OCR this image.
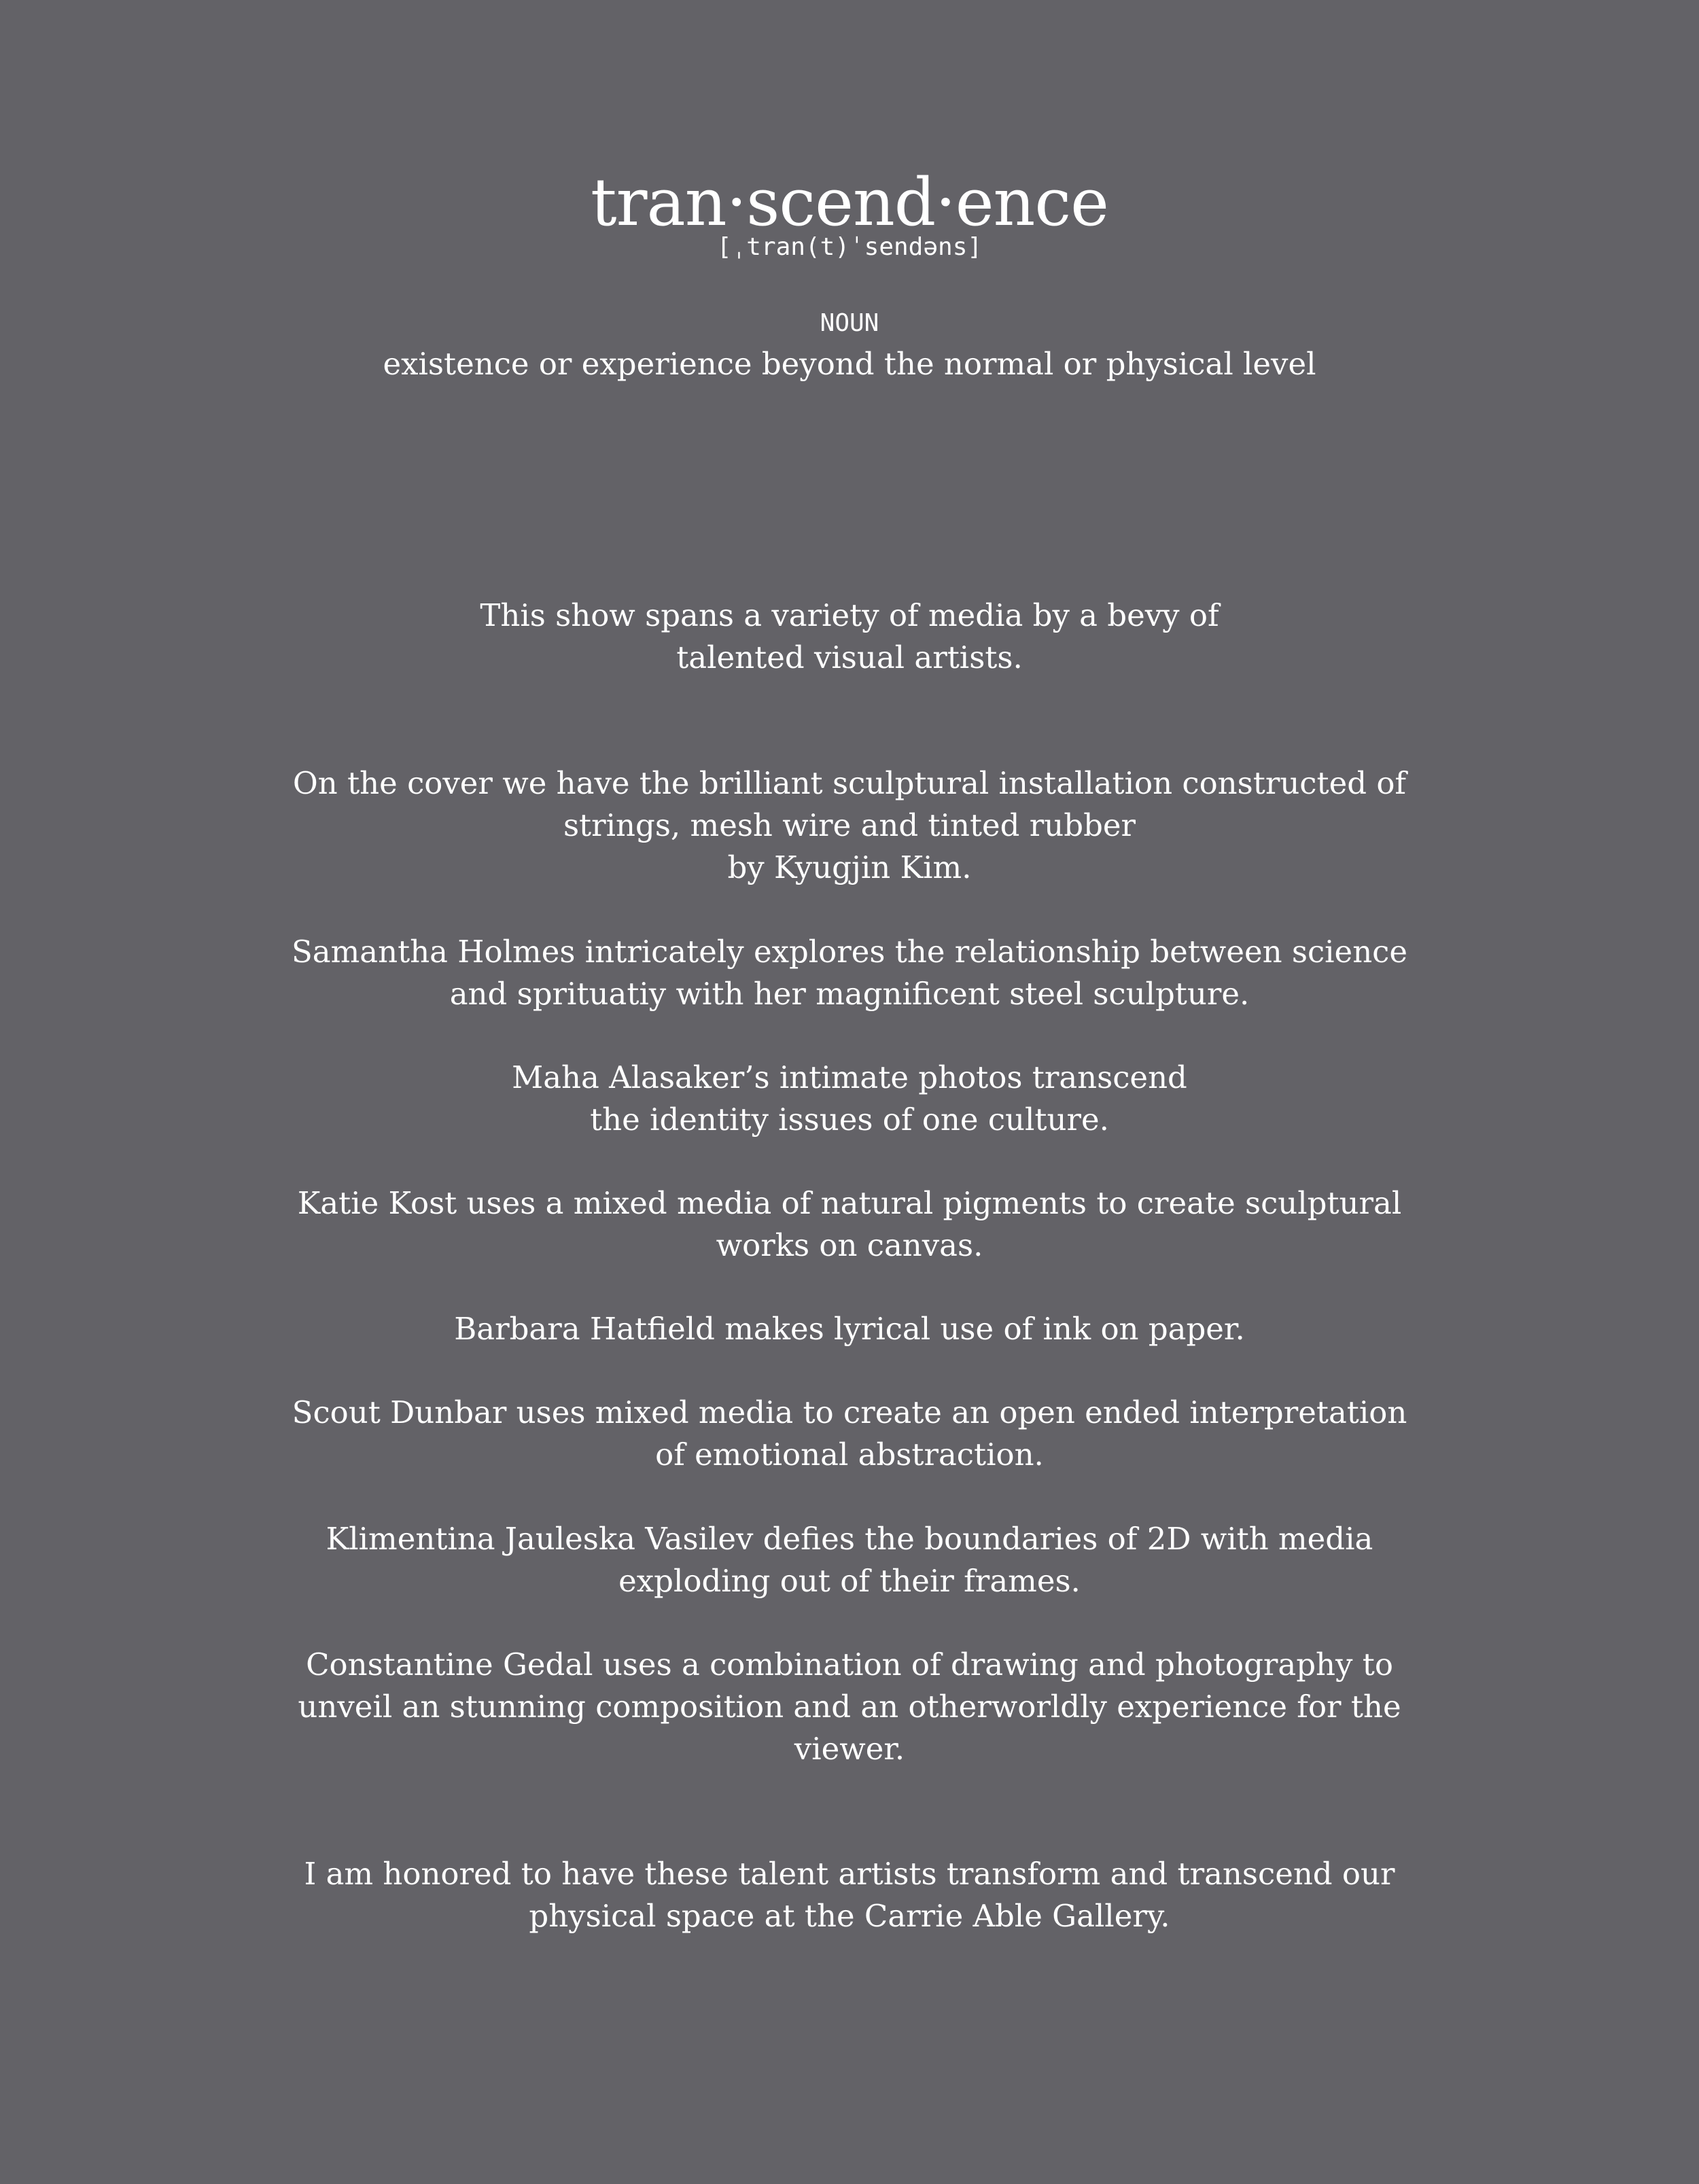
tran·scend·ence
[ˌtran(t)ˈsendəns]
NOUN
existence or experience beyond the normal or physical level
This show spans a variety of media by a bevy of
talented visual artists.
On the cover we have the brilliant sculptural installation constructed of
strings, mesh wire and tinted rubber
by Kyugjin Kim.
Samantha Holmes intricately explores the relationship between science
and sprituatiy with her magnificent steel sculpture.
Maha Alasaker’s intimate photos transcend
the identity issues of one culture.
Katie Kost uses a mixed media of natural pigments to create sculptural
works on canvas.
Barbara Hatfield makes lyrical use of ink on paper.
Scout Dunbar uses mixed media to create an open ended interpretation
of emotional abstraction.
Klimentina Jauleska Vasilev defies the boundaries of 2D with media
exploding out of their frames.
Constantine Gedal uses a combination of drawing and photography to
unveil an stunning composition and an otherworldly experience for the
viewer.
I am honored to have these talent artists transform and transcend our
physical space at the Carrie Able Gallery.
